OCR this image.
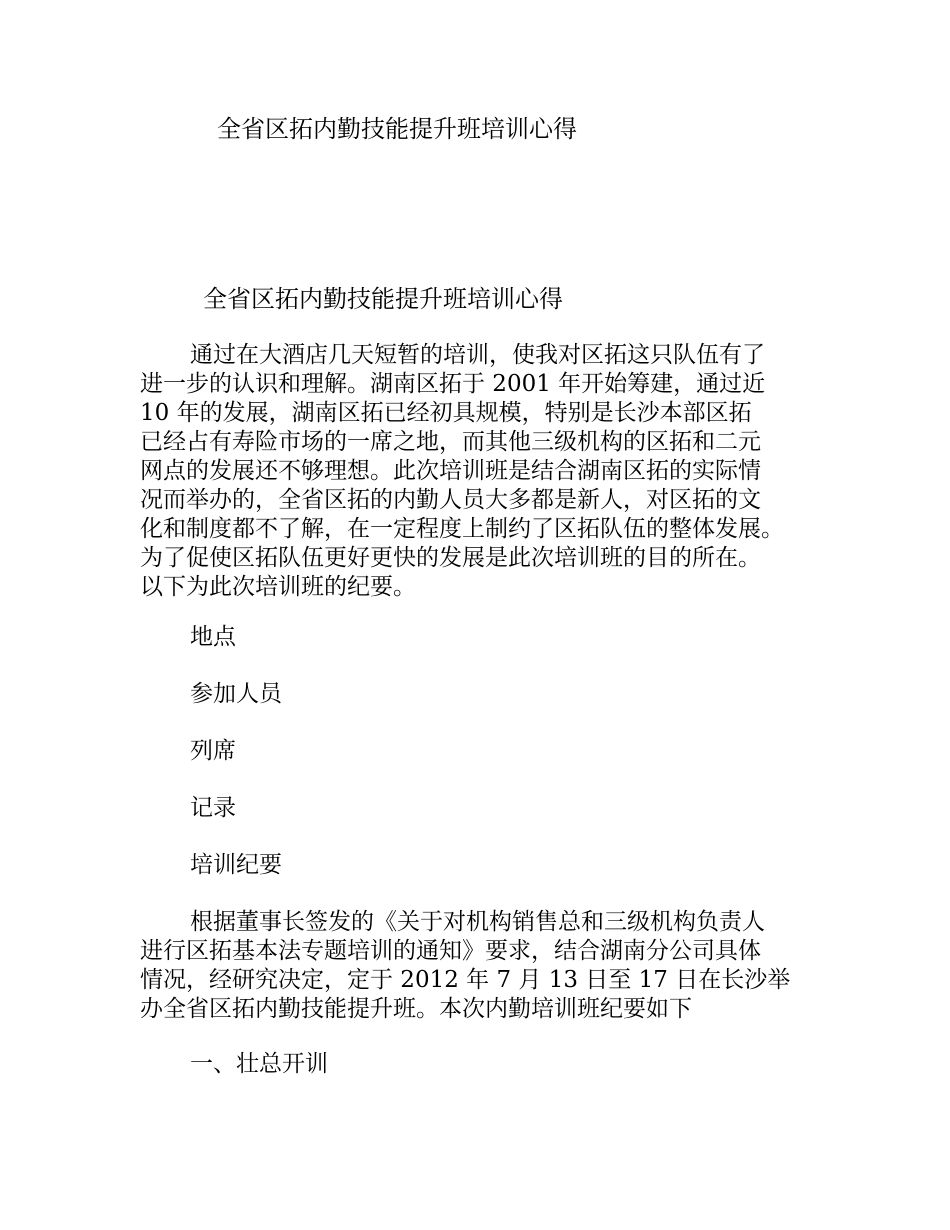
全省区拓内勤技能提升班培训心得
全省区拓内勤技能提升班培训心得

通过在大酒店几天短暂的培训，使我对区拓这只队伍有了
进一步的认识和理解。湖南区拓于 2001 年开始筹建，通过近
10 年的发展，湖南区拓已经初具规模，特别是长沙本部区拓
已经占有寿险市场的一席之地，而其他三级机构的区拓和二元
网点的发展还不够理想。此次培训班是结合湖南区拓的实际情
况而举办的，全省区拓的内勤人员大多都是新人，对区拓的文
化和制度都不了解，在一定程度上制约了区拓队伍的整体发展。
为了促使区拓队伍更好更快的发展是此次培训班的目的所在。
以下为此次培训班的纪要。

地点

参加人员

列席

记录

培训纪要

根据董事长签发的《关于对机构销售总和三级机构负责人
进行区拓基本法专题培训的通知》要求，结合湖南分公司具体
情况，经研究决定，定于 2012 年 7 月 13 日至 17 日在长沙举
办全省区拓内勤技能提升班。本次内勤培训班纪要如下

一、壮总开训
